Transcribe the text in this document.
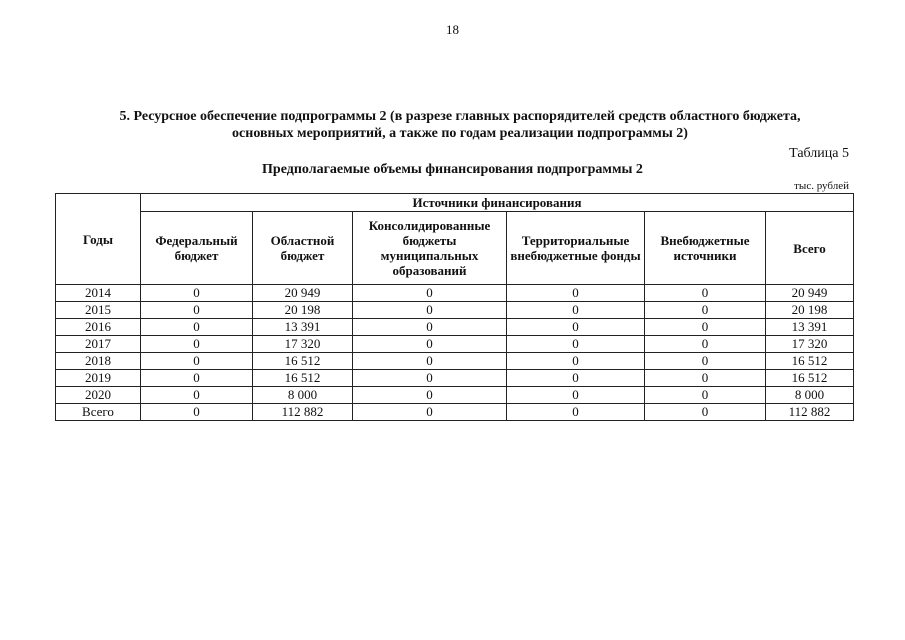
18
5. Ресурсное обеспечение подпрограммы 2 (в разрезе главных распорядителей средств областного бюджета,
основных мероприятий, а также по годам реализации подпрограммы 2)
Таблица 5
Предполагаемые объемы финансирования подпрограммы 2
тыс. рублей
Годы	Источники финансирования					
	Федеральный бюджет	Областной бюджет	Консолидированные бюджеты муниципальных образований	Территориальные внебюджетные фонды	Внебюджетные источники	Всего
2014	0	20 949	0	0	0	20 949
2015	0	20 198	0	0	0	20 198
2016	0	13 391	0	0	0	13 391
2017	0	17 320	0	0	0	17 320
2018	0	16 512	0	0	0	16 512
2019	0	16 512	0	0	0	16 512
2020	0	8 000	0	0	0	8 000
Всего	0	112 882	0	0	0	112 882
